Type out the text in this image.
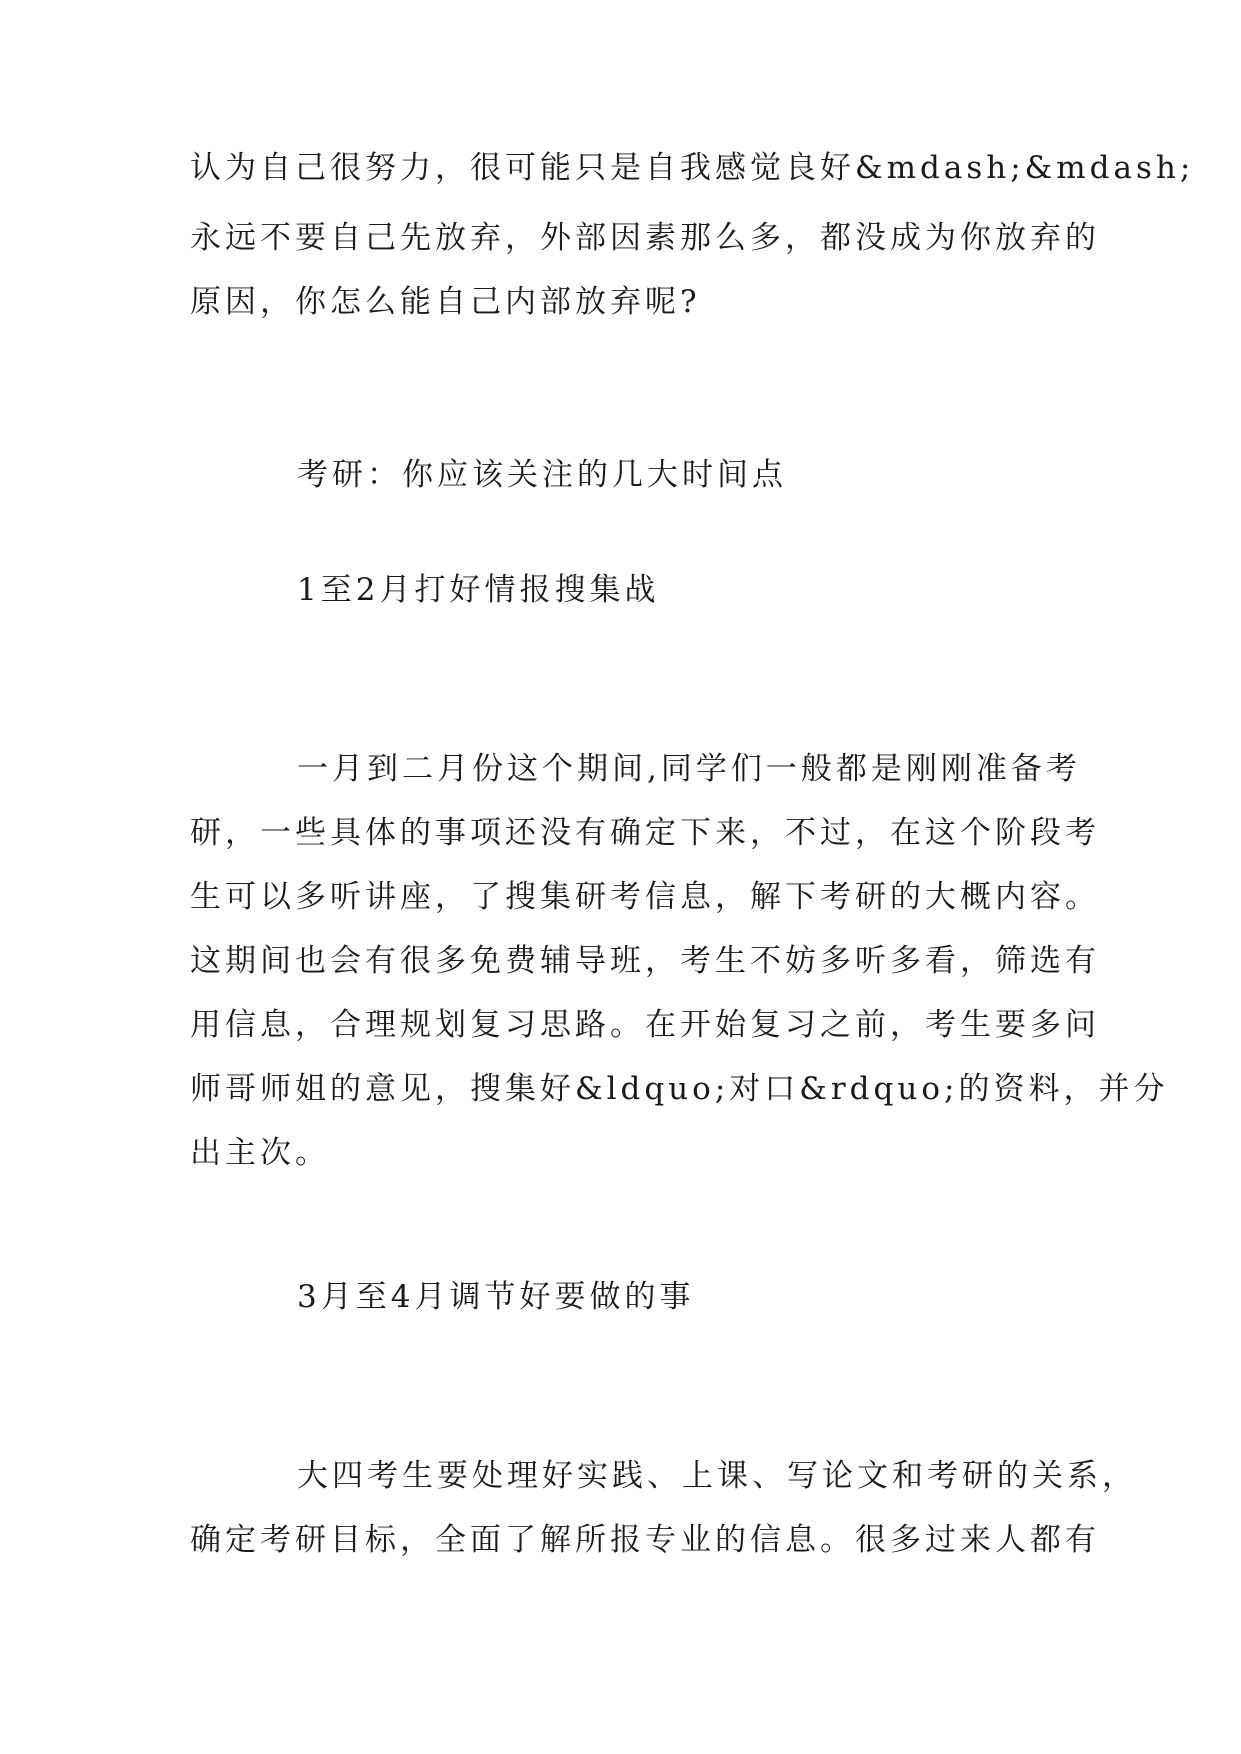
认为自己很努力，很可能只是自我感觉良好&mdash;&mdash;
永远不要自己先放弃，外部因素那么多，都没成为你放弃的
原因，你怎么能自己内部放弃呢?
考研：你应该关注的几大时间点
1至2月打好情报搜集战
一月到二月份这个期间,同学们一般都是刚刚准备考
研，一些具体的事项还没有确定下来，不过，在这个阶段考
生可以多听讲座，了搜集研考信息，解下考研的大概内容。
这期间也会有很多免费辅导班，考生不妨多听多看，筛选有
用信息，合理规划复习思路。在开始复习之前，考生要多问
师哥师姐的意见，搜集好&ldquo;对口&rdquo;的资料，并分
出主次。
3月至4月调节好要做的事
大四考生要处理好实践、上课、写论文和考研的关系，
确定考研目标，全面了解所报专业的信息。很多过来人都有
